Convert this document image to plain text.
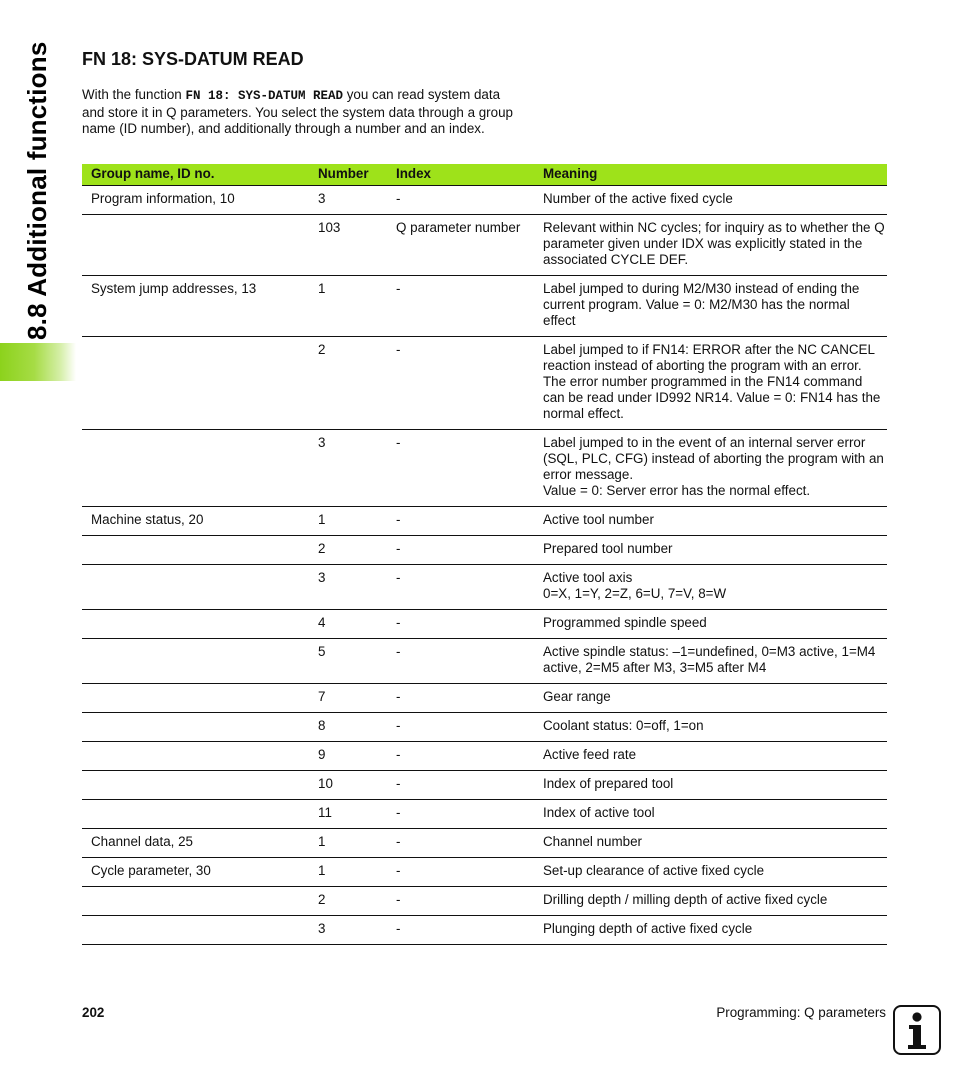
8.8 Additional functions FN 18: SYS-DATUM READ

With the function FN 18: SYS-DATUM READ you can read system data and store it in Q parameters. You select the system data through a group name (ID number), and additionally through a number and an index.

Group name, ID no.	Number	Index	Meaning
Program information, 10	3	-	Number of the active fixed cycle
	103	Q parameter number	Relevant within NC cycles; for inquiry as to whether the Q parameter given under IDX was explicitly stated in the associated CYCLE DEF.
System jump addresses, 13	1	-	Label jumped to during M2/M30 instead of ending the current program. Value = 0: M2/M30 has the normal effect
	2	-	Label jumped to if FN14: ERROR after the NC CANCEL reaction instead of aborting the program with an error. The error number programmed in the FN14 command can be read under ID992 NR14. Value = 0: FN14 has the normal effect.
	3	-	Label jumped to in the event of an internal server error (SQL, PLC, CFG) instead of aborting the program with an error message.
Value = 0: Server error has the normal effect.
Machine status, 20	1	-	Active tool number
	2	-	Prepared tool number
	3	-	Active tool axis
0=X, 1=Y, 2=Z, 6=U, 7=V, 8=W
	4	-	Programmed spindle speed
	5	-	Active spindle status: –1=undefined, 0=M3 active, 1=M4 active, 2=M5 after M3, 3=M5 after M4
	7	-	Gear range
	8	-	Coolant status: 0=off, 1=on
	9	-	Active feed rate
	10	-	Index of prepared tool
	11	-	Index of active tool
Channel data, 25	1	-	Channel number
Cycle parameter, 30	1	-	Set-up clearance of active fixed cycle
	2	-	Drilling depth / milling depth of active fixed cycle
	3	-	Plunging depth of active fixed cycle
202	Programming: Q parameters
